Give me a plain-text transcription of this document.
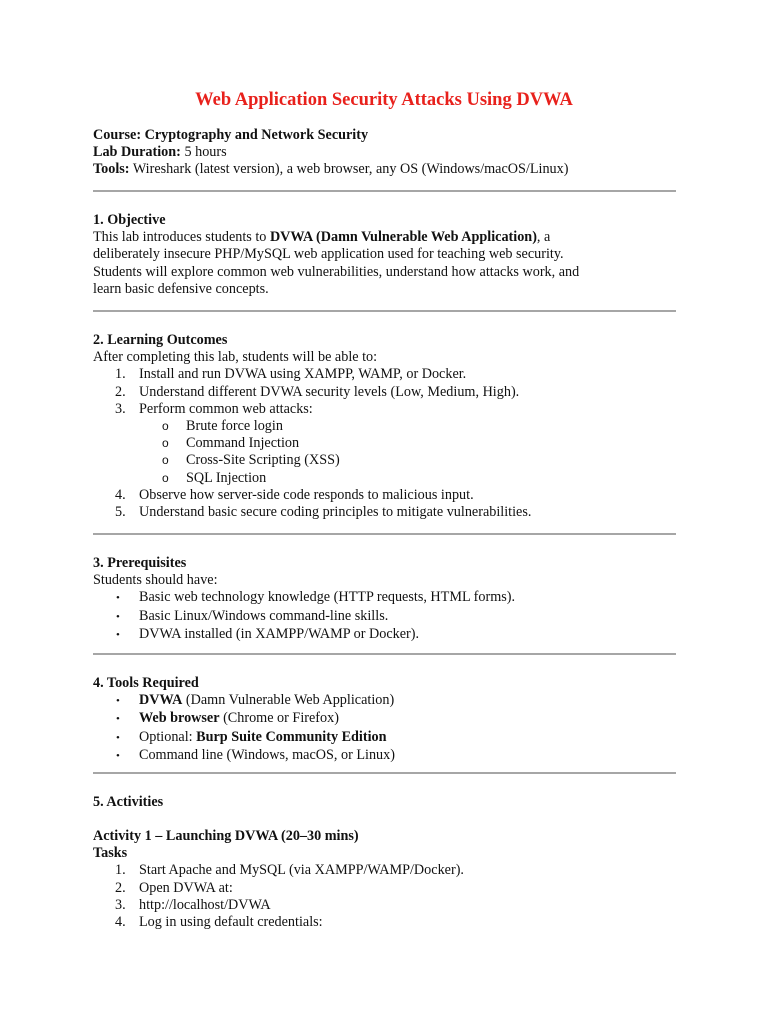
Web Application Security Attacks Using DVWA
Course: Cryptography and Network Security
Lab Duration: 5 hours
Tools: Wireshark (latest version), a web browser, any OS (Windows/macOS/Linux)
1. Objective
This lab introduces students to DVWA (Damn Vulnerable Web Application), a
deliberately insecure PHP/MySQL web application used for teaching web security.
Students will explore common web vulnerabilities, understand how attacks work, and
learn basic defensive concepts.
2. Learning Outcomes
After completing this lab, students will be able to:
1. Install and run DVWA using XAMPP, WAMP, or Docker.
2. Understand different DVWA security levels (Low, Medium, High).
3. Perform common web attacks:
o Brute force login
o Command Injection
o Cross-Site Scripting (XSS)
o SQL Injection
4. Observe how server-side code responds to malicious input.
5. Understand basic secure coding principles to mitigate vulnerabilities.
3. Prerequisites
Students should have:
• Basic web technology knowledge (HTTP requests, HTML forms).
• Basic Linux/Windows command-line skills.
• DVWA installed (in XAMPP/WAMP or Docker).
4. Tools Required
• DVWA (Damn Vulnerable Web Application)
• Web browser (Chrome or Firefox)
• Optional: Burp Suite Community Edition
• Command line (Windows, macOS, or Linux)
5. Activities
Activity 1 – Launching DVWA (20–30 mins)
Tasks
1. Start Apache and MySQL (via XAMPP/WAMP/Docker).
2. Open DVWA at:
3. http://localhost/DVWA
4. Log in using default credentials:
